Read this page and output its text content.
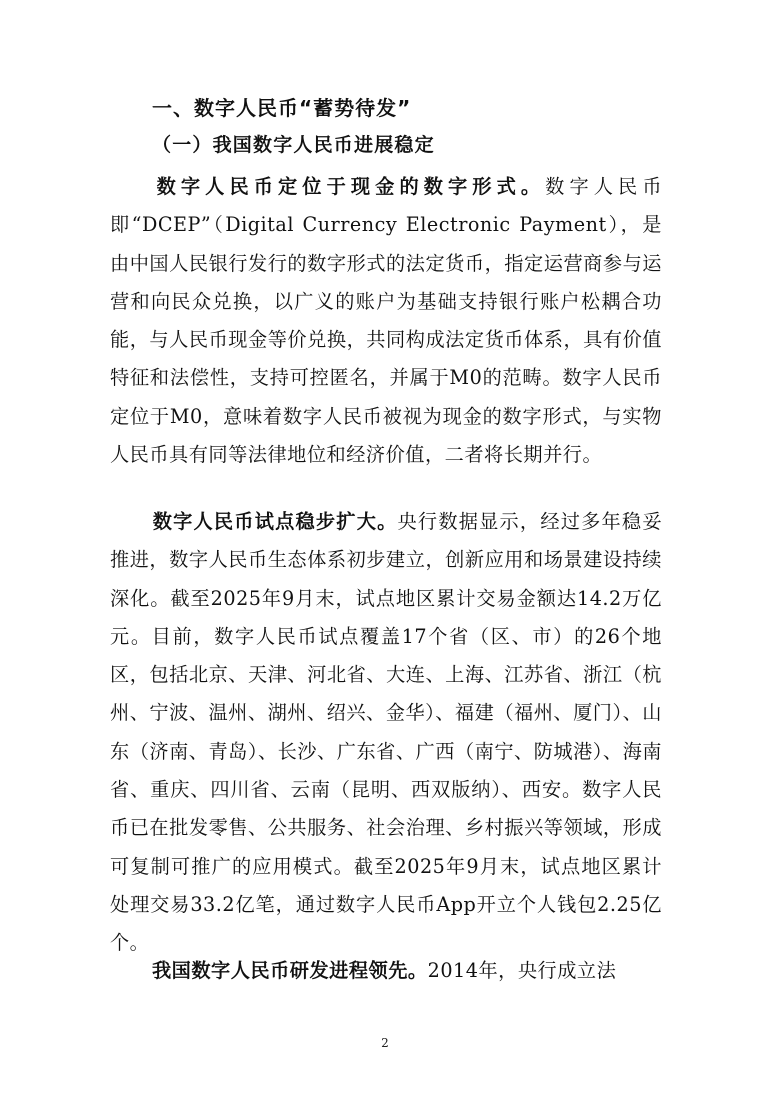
一、数字人民币“蓄势待发”
（一）我国数字人民币进展稳定
数字人民币定位于现金的数字形式。数字人民币即“DCEP”（Digital Currency Electronic Payment），是由中国人民银行发行的数字形式的法定货币，指定运营商参与运营和向民众兑换，以广义的账户为基础支持银行账户松耦合功能，与人民币现金等价兑换，共同构成法定货币体系，具有价值特征和法偿性，支持可控匿名，并属于M0的范畴。数字人民币定位于M0，意味着数字人民币被视为现金的数字形式，与实物人民币具有同等法律地位和经济价值，二者将长期并行。
数字人民币试点稳步扩大。央行数据显示，经过多年稳妥推进，数字人民币生态体系初步建立，创新应用和场景建设持续深化。截至2025年9月末，试点地区累计交易金额达14.2万亿元。目前，数字人民币试点覆盖17个省（区、市）的26个地区，包括北京、天津、河北省、大连、上海、江苏省、浙江（杭州、宁波、温州、湖州、绍兴、金华）、福建（福州、厦门）、山东（济南、青岛）、长沙、广东省、广西（南宁、防城港）、海南省、重庆、四川省、云南（昆明、西双版纳）、西安。数字人民币已在批发零售、公共服务、社会治理、乡村振兴等领域，形成可复制可推广的应用模式。截至2025年9月末，试点地区累计处理交易33.2亿笔，通过数字人民币App开立个人钱包2.25亿个。
我国数字人民币研发进程领先。2014年，央行成立法
2
